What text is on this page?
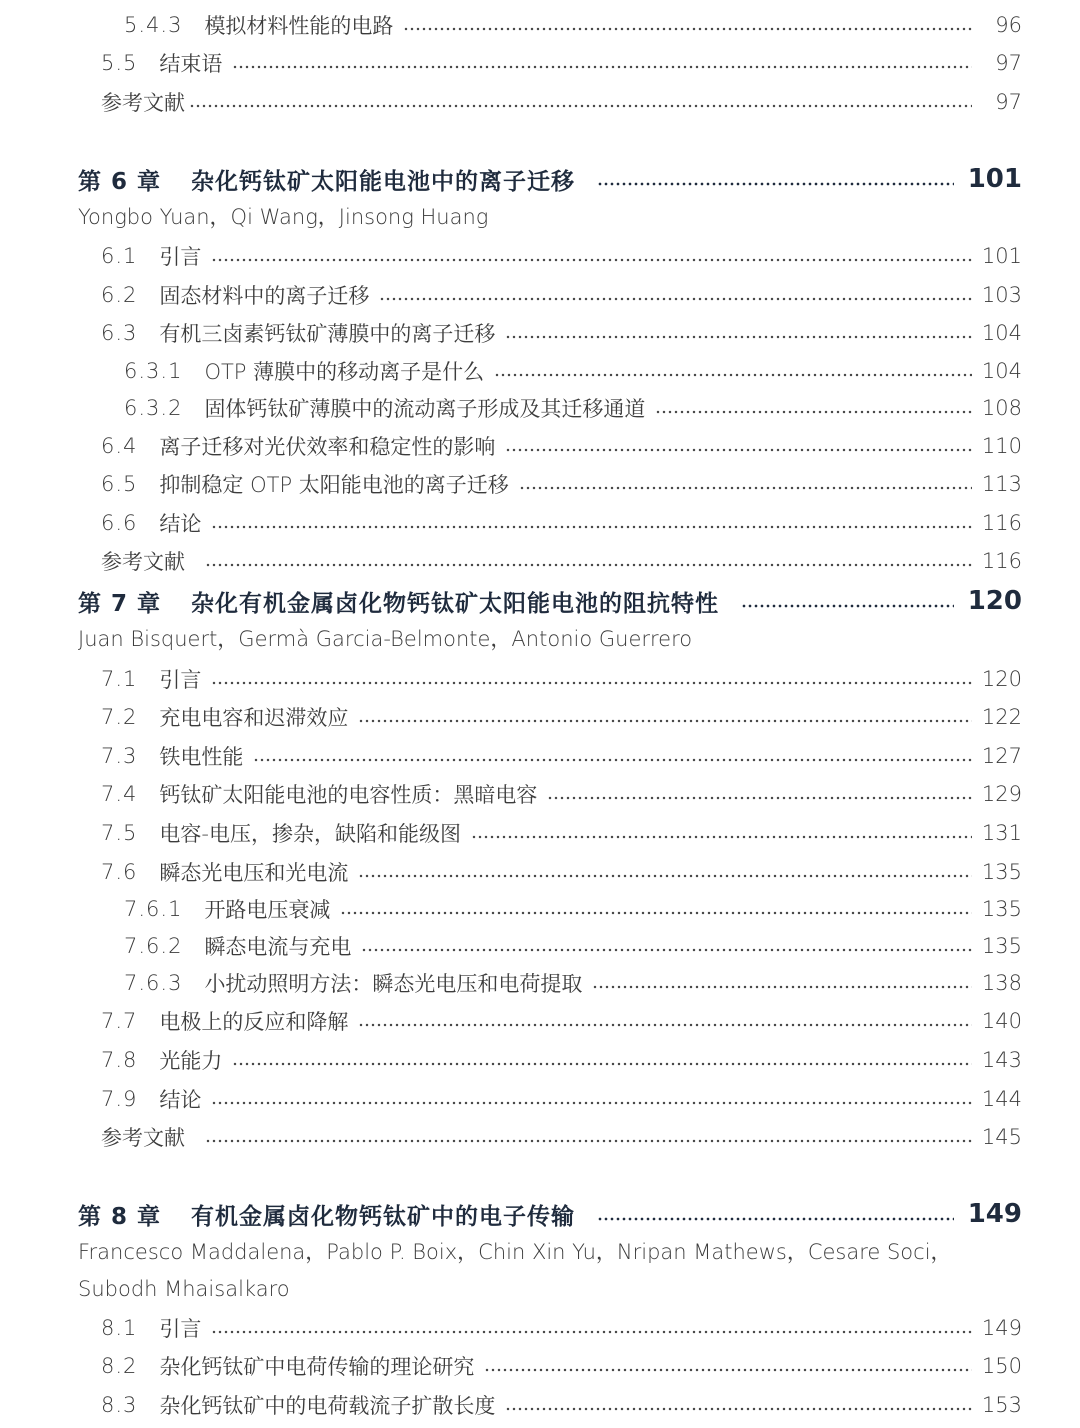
5.4.3 模拟材料性能的电路	96
5.5 结束语	97
参考文献	97
第 6 章 杂化钙钛矿太阳能电池中的离子迁移	101
Yongbo Yuan，Qi Wang，Jinsong Huang
6.1 引言	101
6.2 固态材料中的离子迁移	103
6.3 有机三卤素钙钛矿薄膜中的离子迁移	104
6.3.1 OTP 薄膜中的移动离子是什么	104
6.3.2 固体钙钛矿薄膜中的流动离子形成及其迁移通道	108
6.4 离子迁移对光伏效率和稳定性的影响	110
6.5 抑制稳定 OTP 太阳能电池的离子迁移	113
6.6 结论	116
参考文献	116
第 7 章 杂化有机金属卤化物钙钛矿太阳能电池的阻抗特性	120
Juan Bisquert，Germà Garcia-Belmonte，Antonio Guerrero
7.1 引言	120
7.2 充电电容和迟滞效应	122
7.3 铁电性能	127
7.4 钙钛矿太阳能电池的电容性质：黑暗电容	129
7.5 电容-电压，掺杂，缺陷和能级图	131
7.6 瞬态光电压和光电流	135
7.6.1 开路电压衰减	135
7.6.2 瞬态电流与充电	135
7.6.3 小扰动照明方法：瞬态光电压和电荷提取	138
7.7 电极上的反应和降解	140
7.8 光能力	143
7.9 结论	144
参考文献	145
第 8 章 有机金属卤化物钙钛矿中的电子传输	149
Francesco Maddalena，Pablo P. Boix，Chin Xin Yu，Nripan Mathews，Cesare Soci，Subodh Mhaisalkaro
8.1 引言	149
8.2 杂化钙钛矿中电荷传输的理论研究	150
8.3 杂化钙钛矿中的电荷载流子扩散长度	153
